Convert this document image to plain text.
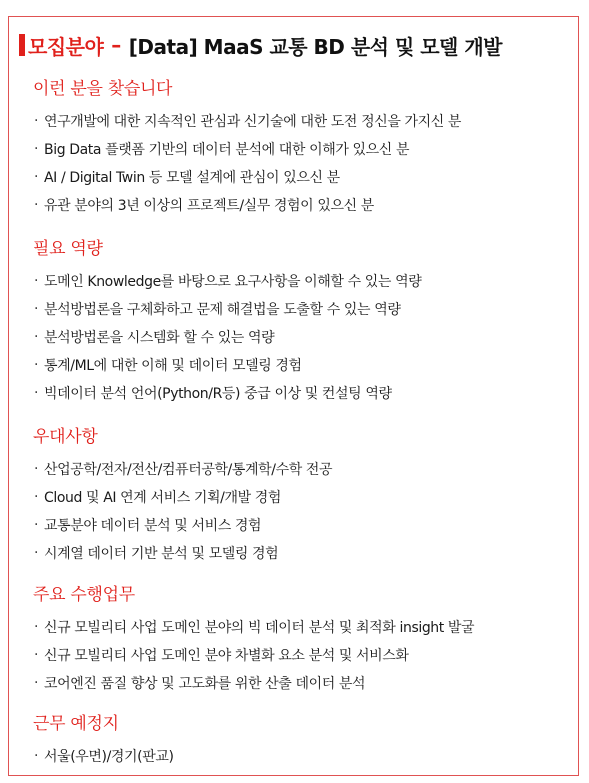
모집분야 – [Data] MaaS 교통 BD 분석 및 모델 개발
이런 분을 찾습니다
· 연구개발에 대한 지속적인 관심과 신기술에 대한 도전 정신을 가지신 분
· Big Data 플랫폼 기반의 데이터 분석에 대한 이해가 있으신 분
· AI / Digital Twin 등 모델 설계에 관심이 있으신 분
· 유관 분야의 3년 이상의 프로젝트/실무 경험이 있으신 분
필요 역량
· 도메인 Knowledge를 바탕으로 요구사항을 이해할 수 있는 역량
· 분석방법론을 구체화하고 문제 해결법을 도출할 수 있는 역량
· 분석방법론을 시스템화 할 수 있는 역량
· 통계/ML에 대한 이해 및 데이터 모델링 경험
· 빅데이터 분석 언어(Python/R등) 중급 이상 및 컨설팅 역량
우대사항
· 산업공학/전자/전산/컴퓨터공학/통계학/수학 전공
· Cloud 및 AI 연계 서비스 기획/개발 경험
· 교통분야 데이터 분석 및 서비스 경험
· 시계열 데이터 기반 분석 및 모델링 경험
주요 수행업무
· 신규 모빌리티 사업 도메인 분야의 빅 데이터 분석 및 최적화 insight 발굴
· 신규 모빌리티 사업 도메인 분야 차별화 요소 분석 및 서비스화
· 코어엔진 품질 향상 및 고도화를 위한 산출 데이터 분석
근무 예정지
· 서울(우면)/경기(판교)
